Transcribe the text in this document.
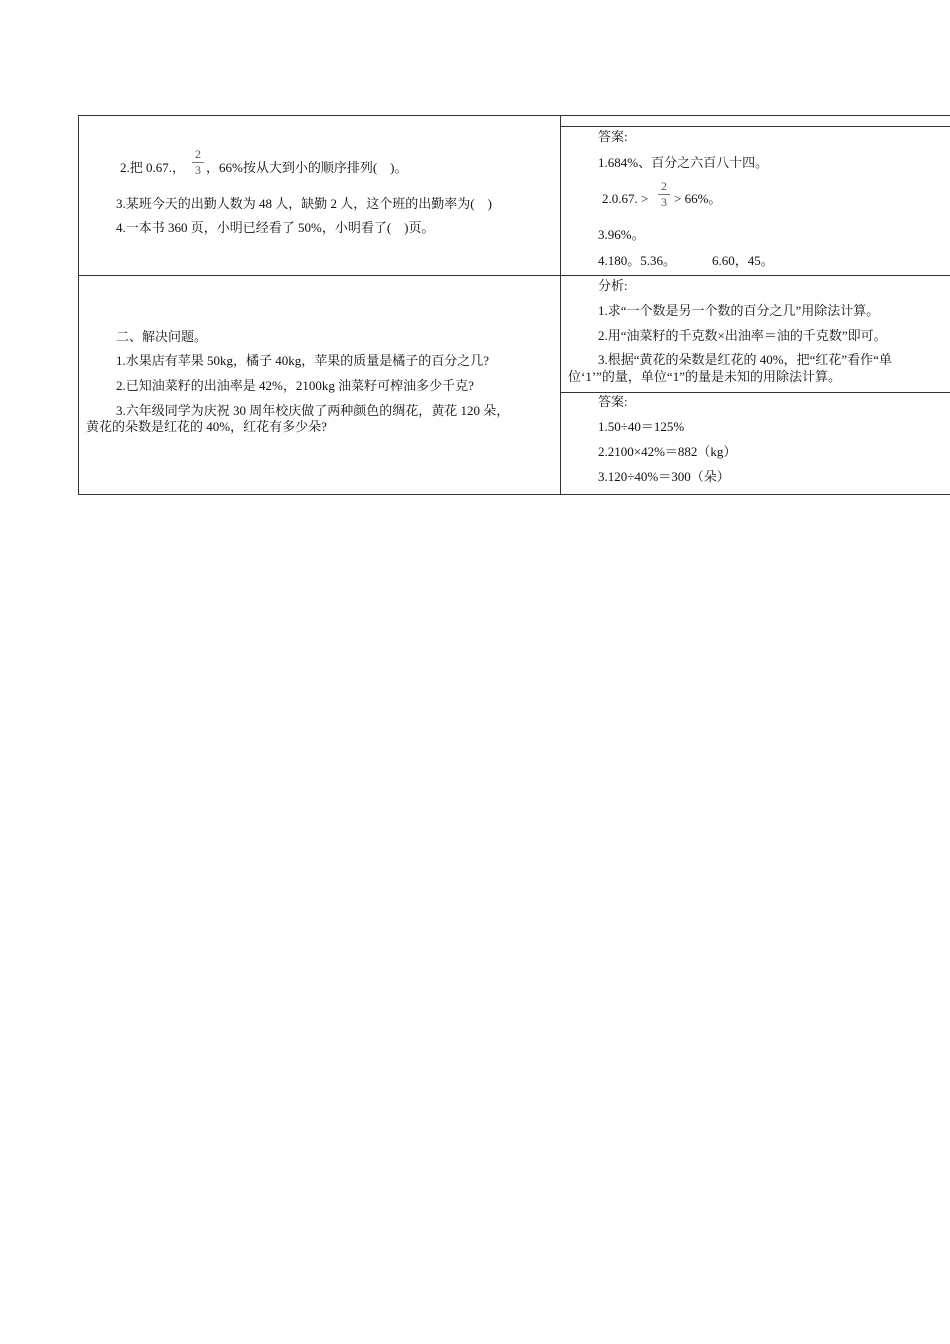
2.把 0.67.，
2
3 ，66%按从大到小的顺序排列(　)。
3.某班今天的出勤人数为 48 人，缺勤 2 人，这个班的出勤率为(　)
4.一本书 360 页，小明已经看了 50%，小明看了(　)页。
二、解决问题。
1.水果店有苹果 50kg，橘子 40kg，苹果的质量是橘子的百分之几?
2.已知油菜籽的出油率是 42%，2100kg 油菜籽可榨油多少千克?
3.六年级同学为庆祝 30 周年校庆做了两种颜色的绸花，黄花 120 朵，
黄花的朵数是红花的 40%，红花有多少朵?
答案:
1.684%、百分之六百八十四。
2.0.67. >
2
3 > 66%。
3.96%。
4.180。5.36。	6.60，45。
分析:
1.求“一个数是另一个数的百分之几”用除法计算。
2.用“油菜籽的千克数×出油率＝油的千克数”即可。
3.根据“黄花的朵数是红花的 40%，把“红花”看作“单
位‘1’”的量，单位“1”的量是未知的用除法计算。
答案:
1.50÷40＝125%
2.2100×42%＝882（kg）
3.120÷40%＝300（朵）
